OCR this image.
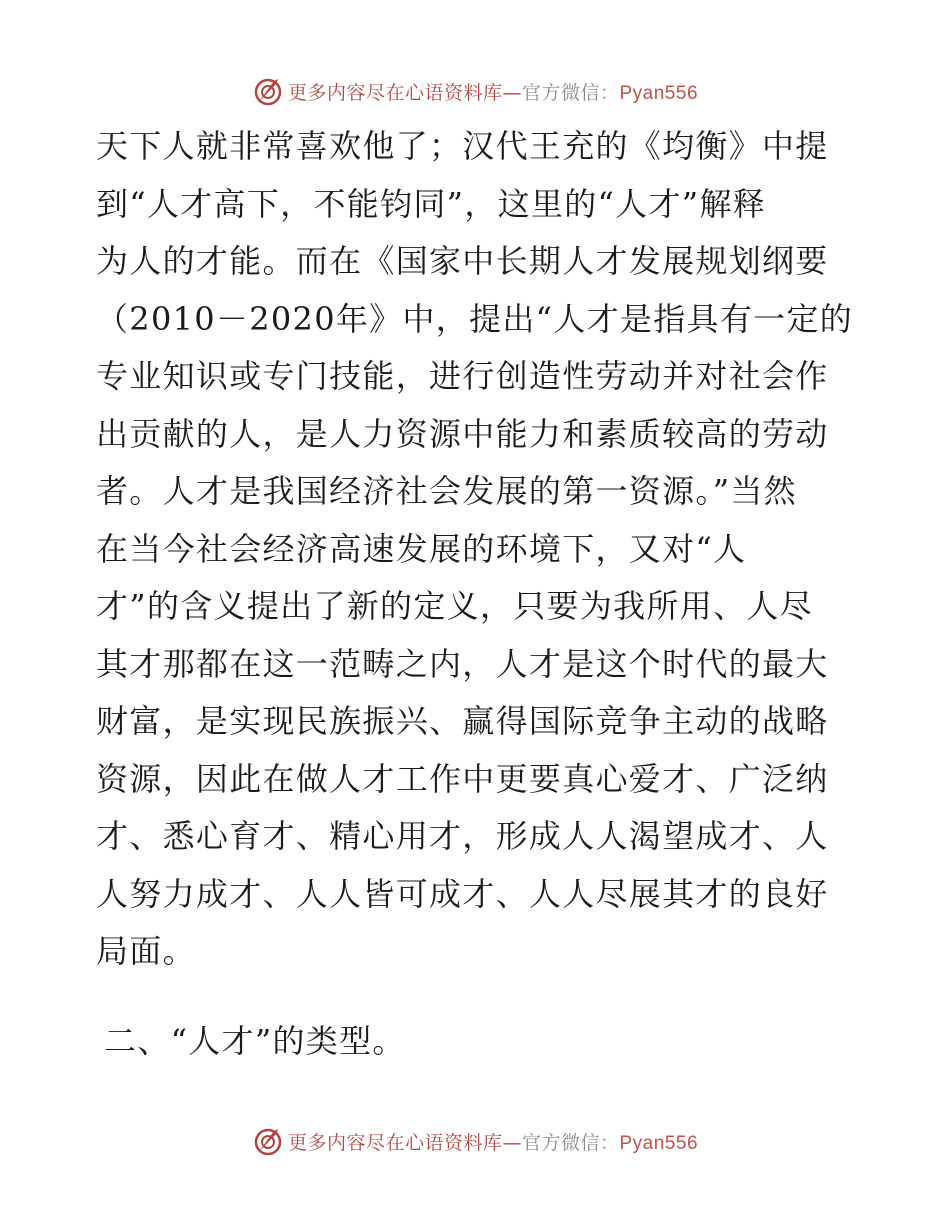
更多内容尽在心语资料库—官方微信：Pyan556
天下人就非常喜欢他了；汉代王充的《均衡》中提
到“人才高下，不能钧同”，这里的“人才”解释
为人的才能。而在《国家中长期人才发展规划纲要
（2010－2020年》中，提出“人才是指具有一定的
专业知识或专门技能，进行创造性劳动并对社会作
出贡献的人，是人力资源中能力和素质较高的劳动
者。人才是我国经济社会发展的第一资源。”当然
在当今社会经济高速发展的环境下，又对“人
才”的含义提出了新的定义，只要为我所用、人尽
其才那都在这一范畴之内，人才是这个时代的最大
财富，是实现民族振兴、赢得国际竞争主动的战略
资源，因此在做人才工作中更要真心爱才、广泛纳
才、悉心育才、精心用才，形成人人渴望成才、人
人努力成才、人人皆可成才、人人尽展其才的良好
局面。
二、“人才”的类型。
更多内容尽在心语资料库—官方微信：Pyan556
